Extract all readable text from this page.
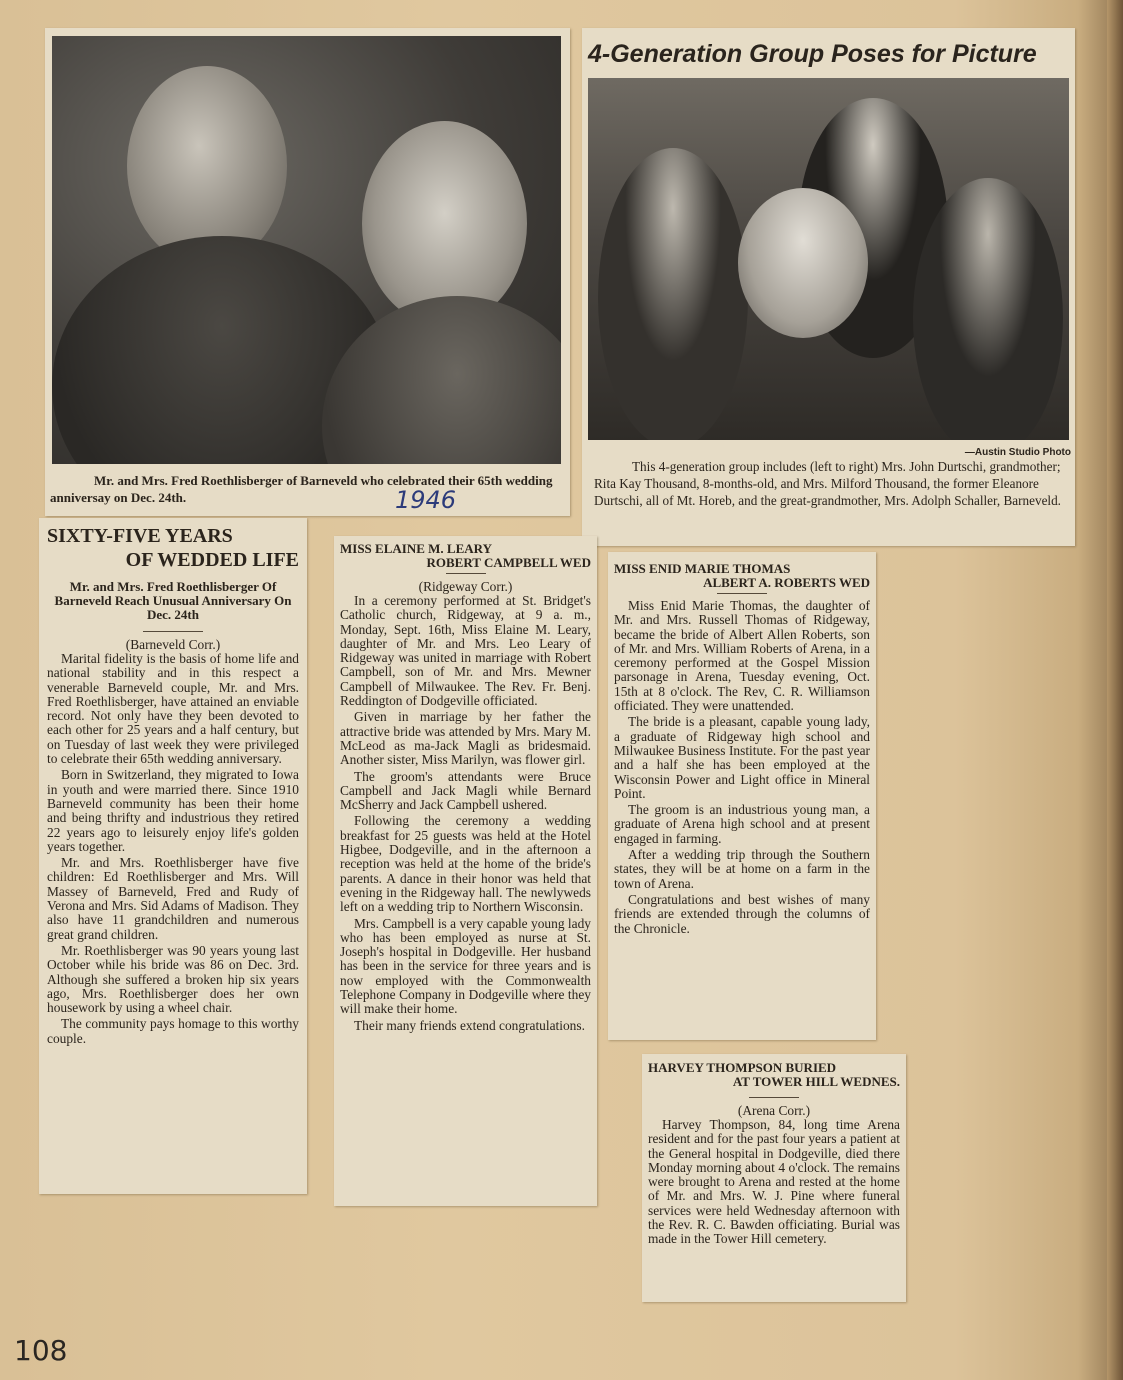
Mr. and Mrs. Fred Roethlisberger of Barneveld who celebrated their 65th wedding anniversay on Dec. 24th.	1946
4-Generation Group Poses for Picture
—Austin Studio Photo
This 4-generation group includes (left to right) Mrs. John Durtschi, grandmother; Rita Kay Thousand, 8-months-old, and Mrs. Milford Thousand, the former Eleanore Durtschi, all of Mt. Horeb, and the great-grandmother, Mrs. Adolph Schaller, Barneveld.
SIXTY-FIVE YEARS
OF WEDDED LIFE
Mr. and Mrs. Fred Roethlisberger Of Barneveld Reach Unusual Anniversary On Dec. 24th
(Barneveld Corr.)

Marital fidelity is the basis of home life and national stability and in this respect a venerable Barneveld couple, Mr. and Mrs. Fred Roethlisberger, have attained an enviable record. Not only have they been devoted to each other for 25 years and a half century, but on Tuesday of last week they were privileged to celebrate their 65th wedding anniversary.

Born in Switzerland, they migrated to Iowa in youth and were married there. Since 1910 Barneveld community has been their home and being thrifty and industrious they retired 22 years ago to leisurely enjoy life's golden years together.

Mr. and Mrs. Roethlisberger have five children: Ed Roethlisberger and Mrs. Will Massey of Barneveld, Fred and Rudy of Verona and Mrs. Sid Adams of Madison. They also have 11 grandchildren and numerous great grand children.

Mr. Roethlisberger was 90 years young last October while his bride was 86 on Dec. 3rd. Although she suffered a broken hip six years ago, Mrs. Roethlisberger does her own housework by using a wheel chair.

The community pays homage to this worthy couple.

MISS ELAINE M. LEARY
ROBERT CAMPBELL WED
(Ridgeway Corr.)

In a ceremony performed at St. Bridget's Catholic church, Ridgeway, at 9 a. m., Monday, Sept. 16th, Miss Elaine M. Leary, daughter of Mr. and Mrs. Leo Leary of Ridgeway was united in marriage with Robert Campbell, son of Mr. and Mrs. Mewner Campbell of Milwaukee. The Rev. Fr. Benj. Reddington of Dodgeville officiated.

Given in marriage by her father the attractive bride was attended by Mrs. Mary M. McLeod as ma-Jack Magli as bridesmaid. Another sister, Miss Marilyn, was flower girl.

The groom's attendants were Bruce Campbell and Jack Magli while Bernard McSherry and Jack Campbell ushered.

Following the ceremony a wedding breakfast for 25 guests was held at the Hotel Higbee, Dodgeville, and in the afternoon a reception was held at the home of the bride's parents. A dance in their honor was held that evening in the Ridgeway hall. The newlyweds left on a wedding trip to Northern Wisconsin.

Mrs. Campbell is a very capable young lady who has been employed as nurse at St. Joseph's hospital in Dodgeville. Her husband has been in the service for three years and is now employed with the Commonwealth Telephone Company in Dodgeville where they will make their home.

Their many friends extend congratulations.

MISS ENID MARIE THOMAS
ALBERT A. ROBERTS WED

Miss Enid Marie Thomas, the daughter of Mr. and Mrs. Russell Thomas of Ridgeway, became the bride of Albert Allen Roberts, son of Mr. and Mrs. William Roberts of Arena, in a ceremony performed at the Gospel Mission parsonage in Arena, Tuesday evening, Oct. 15th at 8 o'clock. The Rev, C. R. Williamson officiated. They were unattended.

The bride is a pleasant, capable young lady, a graduate of Ridgeway high school and Milwaukee Business Institute. For the past year and a half she has been employed at the Wisconsin Power and Light office in Mineral Point.

The groom is an industrious young man, a graduate of Arena high school and at present engaged in farming.

After a wedding trip through the Southern states, they will be at home on a farm in the town of Arena.

Congratulations and best wishes of many friends are extended through the columns of the Chronicle.

HARVEY THOMPSON BURIED
AT TOWER HILL WEDNES.
(Arena Corr.)

Harvey Thompson, 84, long time Arena resident and for the past four years a patient at the General hospital in Dodgeville, died there Monday morning about 4 o'clock. The remains were brought to Arena and rested at the home of Mr. and Mrs. W. J. Pine where funeral services were held Wednesday afternoon with the Rev. R. C. Bawden officiating. Burial was made in the Tower Hill cemetery.

108
